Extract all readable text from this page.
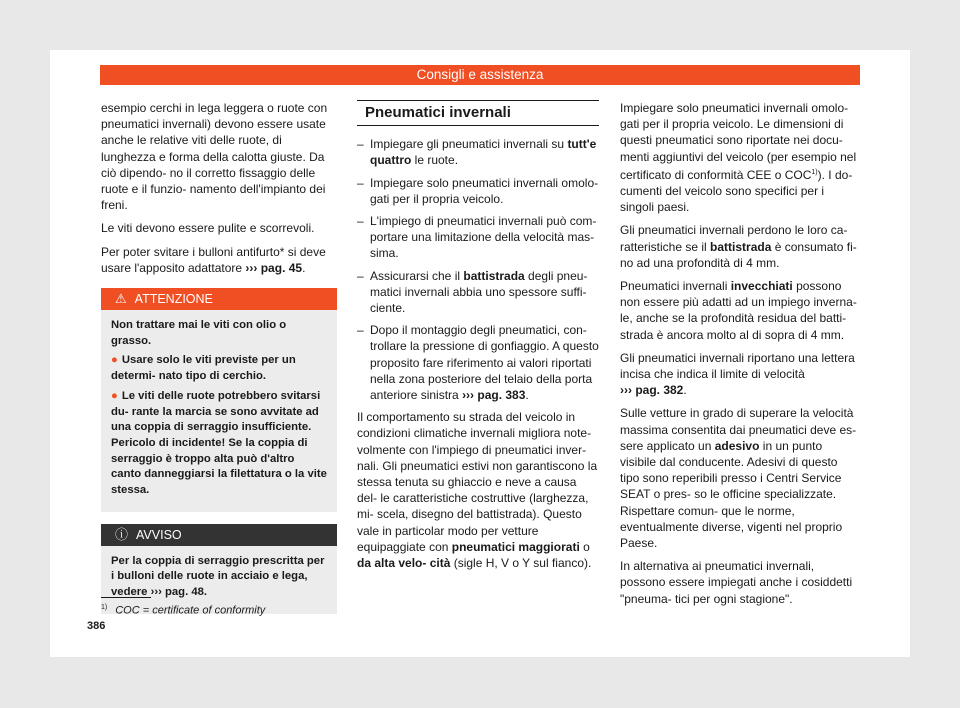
Consigli e assistenza

esempio cerchi in lega leggera o ruote con pneumatici invernali) devono essere usate anche le relative viti delle ruote, di lunghezza e forma della calotta giuste. Da ciò dipendo- no il corretto fissaggio delle ruote e il funzio- namento dell'impianto dei freni.

Le viti devono essere pulite e scorrevoli.

Per poter svitare i bulloni antifurto* si deve usare l'apposito adattatore ››› pag. 45.

⚠ ATTENZIONE

Non trattare mai le viti con olio o grasso.

● Usare solo le viti previste per un determi- nato tipo di cerchio.

● Le viti delle ruote potrebbero svitarsi du- rante la marcia se sono avvitate ad una coppia di serraggio insufficiente. Pericolo di incidente! Se la coppia di serraggio è troppo alta può d'altro canto danneggiarsi la filettatura o la vite stessa.

ⓘ AVVISO

Per la coppia di serraggio prescritta per i bulloni delle ruote in acciaio e lega, vedere ››› pag. 48.

Pneumatici invernali
– Impiegare gli pneumatici invernali su tutt'e quattro le ruote.
– Impiegare solo pneumatici invernali omolo- gati per il propria veicolo.
– L'impiego di pneumatici invernali può com- portare una limitazione della velocità mas- sima.
– Assicurarsi che il battistrada degli pneu- matici invernali abbia uno spessore suffi- ciente.
– Dopo il montaggio degli pneumatici, con- trollare la pressione di gonfiaggio. A questo proposito fare riferimento ai valori riportati nella zona posteriore del telaio della porta anteriore sinistra ››› pag. 383.

Il comportamento su strada del veicolo in condizioni climatiche invernali migliora note- volmente con l'impiego di pneumatici inver- nali. Gli pneumatici estivi non garantiscono la stessa tenuta su ghiaccio e neve a causa del- le caratteristiche costruttive (larghezza, mi- scela, disegno del battistrada). Questo vale in particolar modo per vetture equipaggiate con pneumatici maggiorati o da alta velo- cità (sigle H, V o Y sul fianco).

Impiegare solo pneumatici invernali omolo- gati per il propria veicolo. Le dimensioni di questi pneumatici sono riportate nei docu- menti aggiuntivi del veicolo (per esempio nel certificato di conformità CEE o COC$^{1)}$). I do- cumenti del veicolo sono specifici per i singoli paesi.

Gli pneumatici invernali perdono le loro ca- ratteristiche se il battistrada è consumato fi- no ad una profondità di 4 mm.

Pneumatici invernali invecchiati possono non essere più adatti ad un impiego inverna- le, anche se la profondità residua del batti- strada è ancora molto al di sopra di 4 mm.

Gli pneumatici invernali riportano una lettera incisa che indica il limite di velocità
››› pag. 382.

Sulle vetture in grado di superare la velocità massima consentita dai pneumatici deve es- sere applicato un adesivo in un punto visibile dal conducente. Adesivi di questo tipo sono reperibili presso i Centri Service SEAT o pres- so le officine specializzate. Rispettare comun- que le norme, eventualmente diverse, vigenti nel proprio Paese.

In alternativa ai pneumatici invernali, possono essere impiegati anche i cosiddetti "pneuma- tici per ogni stagione".

$^{1)}$ COC = certificate of conformity
386
